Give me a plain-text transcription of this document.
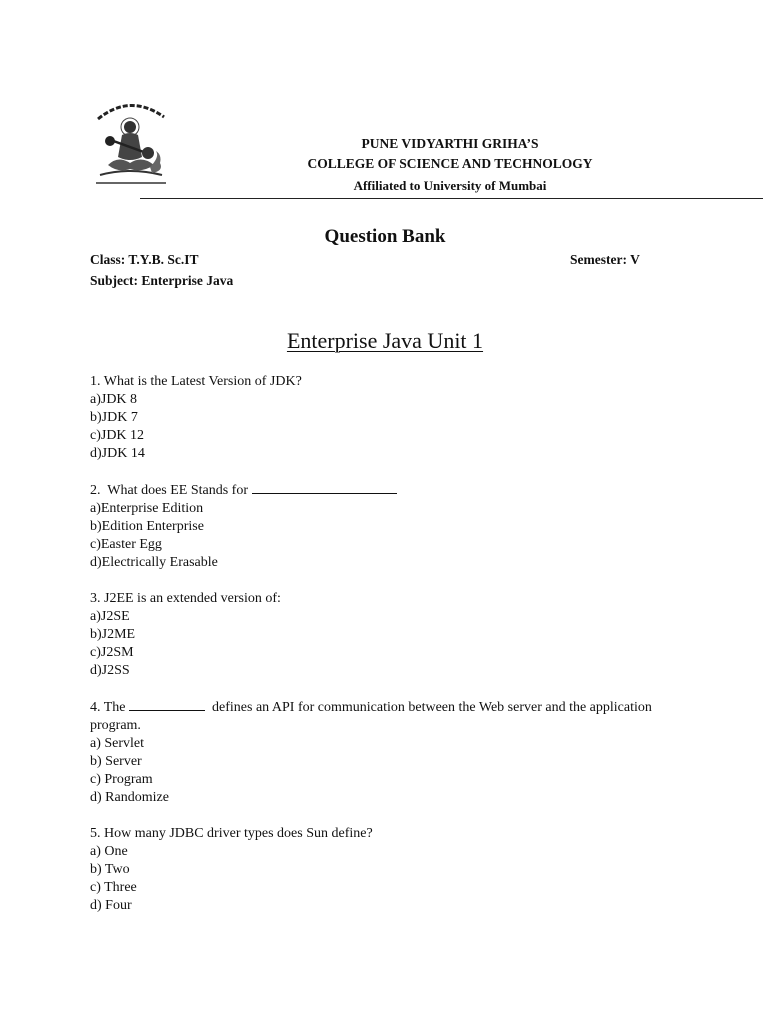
PUNE VIDYARTHI GRIHA’S
COLLEGE OF SCIENCE AND TECHNOLOGY
Affiliated to University of Mumbai
Question Bank
Class: T.Y.B. Sc.IT
Subject: Enterprise Java
Semester: V
Enterprise Java Unit 1
1. What is the Latest Version of JDK?
a)JDK 8
b)JDK 7
c)JDK 12
d)JDK 14
2.  What does EE Stands for
a)Enterprise Edition
b)Edition Enterprise
c)Easter Egg
d)Electrically Erasable
3. J2EE is an extended version of:
a)J2SE
b)J2ME
c)J2SM
d)J2SS
4. The	defines an API for communication between the Web server and the application program.
a) Servlet
b) Server
c) Program
d) Randomize
5. How many JDBC driver types does Sun define?
a) One
b) Two
c) Three
d) Four
